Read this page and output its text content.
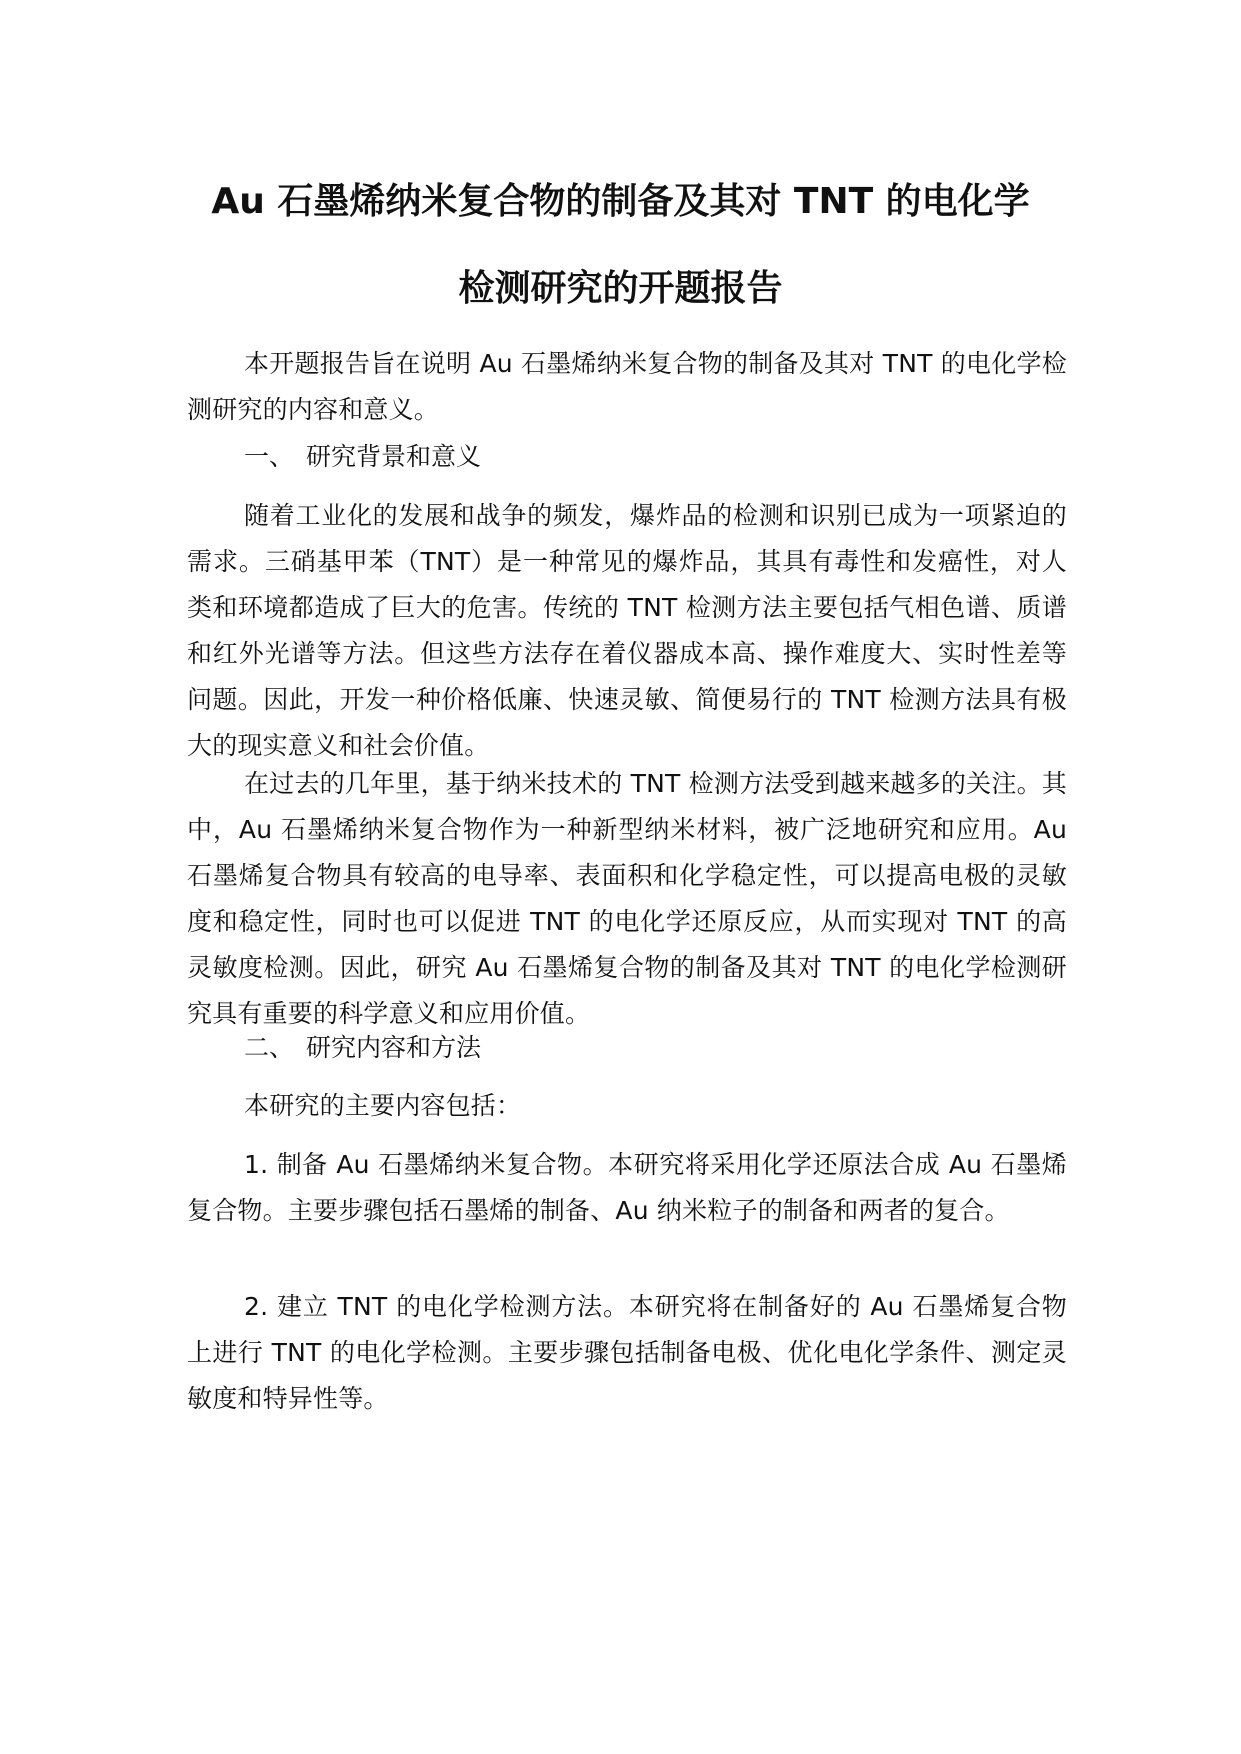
Au 石墨烯纳米复合物的制备及其对 TNT 的电化学
检测研究的开题报告

本开题报告旨在说明 Au 石墨烯纳米复合物的制备及其对 TNT 的电化学检测研究的内容和意义。

一、 研究背景和意义

随着工业化的发展和战争的频发，爆炸品的检测和识别已成为一项紧迫的需求。三硝基甲苯（TNT）是一种常见的爆炸品，其具有毒性和发癌性，对人类和环境都造成了巨大的危害。传统的 TNT 检测方法主要包括气相色谱、质谱和红外光谱等方法。但这些方法存在着仪器成本高、操作难度大、实时性差等问题。因此，开发一种价格低廉、快速灵敏、简便易行的 TNT 检测方法具有极大的现实意义和社会价值。

在过去的几年里，基于纳米技术的 TNT 检测方法受到越来越多的关注。其中，Au 石墨烯纳米复合物作为一种新型纳米材料，被广泛地研究和应用。Au 石墨烯复合物具有较高的电导率、表面积和化学稳定性，可以提高电极的灵敏度和稳定性，同时也可以促进 TNT 的电化学还原反应，从而实现对 TNT 的高灵敏度检测。因此，研究 Au 石墨烯复合物的制备及其对 TNT 的电化学检测研究具有重要的科学意义和应用价值。

二、 研究内容和方法

本研究的主要内容包括：

1. 制备 Au 石墨烯纳米复合物。本研究将采用化学还原法合成 Au 石墨烯复合物。主要步骤包括石墨烯的制备、Au 纳米粒子的制备和两者的复合。

2. 建立 TNT 的电化学检测方法。本研究将在制备好的 Au 石墨烯复合物上进行 TNT 的电化学检测。主要步骤包括制备电极、优化电化学条件、测定灵敏度和特异性等。
